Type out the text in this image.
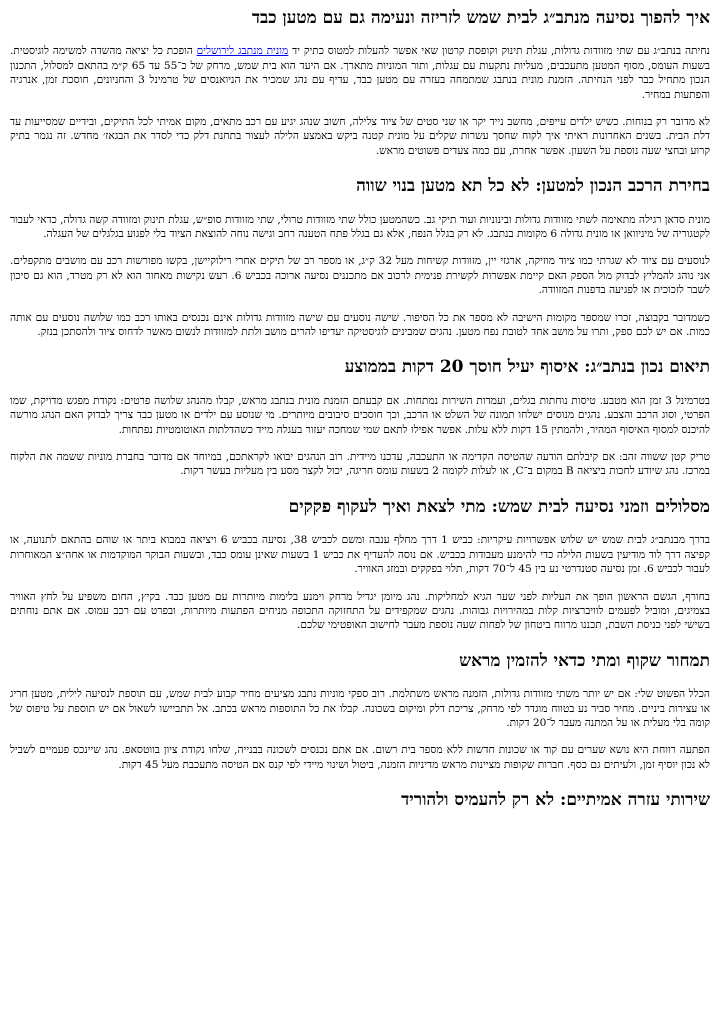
איך להפוך נסיעה מנתב״ג לבית שמש לזריזה ונעימה גם עם מטען כבד

נחיתה בנתב״ג עם שתי מזוודות גדולות, עגלת תינוק וקופסת קרטון שאי אפשר להעלות למטוס כתיק יד מונית מנתבג לירושלים הופכת כל יציאה מהשדה למשימה לוגיסטית. בשעות העומס, מסוף המטען מתעכבים, מעליות נתקעות עם עגלות, ותור המוניות מתארך. אם היעד הוא בית שמש, מרחק של כ־55 עד 65 ק״מ בהתאם למסלול, התכנון הנכון מתחיל כבר לפני הנחיתה. הזמנת מונית בנתבג שמתמחה בעזרה עם מטען כבד, עדיף עם נהג שמכיר את הניואנסים של טרמינל 3 והחניונים, חוסכת זמן, אנרגיה והפתעות במחיר.

לא מדובר רק בנוחות. כשיש ילדים עייפים, מחשב נייד יקר או שני סטים של ציוד צלילה, חשוב שנהג יגיע עם רכב מתאים, מקום אמיתי לכל התיקים, ובידיים שמסייעות עד דלת הבית. בשנים האחרונות ראיתי איך לקוח שחסך עשרות שקלים על מונית קטנה ביקש באמצע הלילה לעצור בתחנת דלק כדי לסדר את הבגאז׳ מחדש. זה נגמר בתיק קרוע ובחצי שעה נוספת על השעון. אפשר אחרת, עם כמה צעדים פשוטים מראש.

בחירת הרכב הנכון למטען: לא כל תא מטען בנוי שווה

מונית סדאן רגילה מתאימה לשתי מזוודות גדולות ובינוניות ועוד תיקי גב. כשהמטען כולל שתי מזוודות טרולי, שתי מזוודות סופ״ש, עגלת תינוק ומזוודה קשה גדולה, כדאי לעבור לקטגוריה של מיניוואן או מונית גדולה 6 מקומות בנתבג. לא רק בגלל הנפח, אלא גם בגלל פתח הטענה רחב וגישה נוחה להוצאת הציוד בלי לפגוע בגלגלים של העגלה.

לנוסעים עם ציוד לא שגרתי כמו ציוד מוזיקה, ארגזי יין, מזוודות קשיחות מעל 32 ק״ג, או מספר רב של תיקים אחרי רילוקיישן, בקשו מפורשות רכב עם מושבים מתקפלים. אני נוהג להמליץ לבדוק מול הספק האם קיימת אפשרות לקשירת פנימית לרכוב אם מתכננים נסיעה ארוכה בכביש 6. רעש נקישות מאחור הוא לא רק מטרד, הוא גם סיכון לשבר לזכוכית או לפגיעה בדפנות המזוודה.

כשמדובר בקבוצה, זכרו שמספר מקומות הישיבה לא מספר את כל הסיפור. שישה נוסעים עם שישה מזוודות גדולות אינם נכנסים באותו רכב כמו שלושה נוסעים עם אותה כמות. אם יש לכם ספק, ותרו על מושב אחד לטובת נפח מטען. נהגים שמבינים לוגיסטיקה יעדיפו להרים מושב ולתת למזוודות לנשום מאשר לדחוס ציוד ולהסתכן בנזק.

תיאום נכון בנתב״ג: איסוף יעיל חוסך 20 דקות בממוצע

בטרמינל 3 זמן הוא מטבע. טיסות נוחתות בגלים, ועמדות השירות נמתחות. אם קבעתם הזמנת מונית בנתבג מראש, קבלו מהנהג שלושה פרטים: נקודת מפגש מדויקת, שמו הפרטי, וסוג הרכב והצבע. נהגים מנוסים ישלחו תמונה של השלט או הרכב, וכך חוסכים סיבובים מיותרים. מי שנוסע עם ילדים או מטען כבד צריך לבדוק האם הנהג מורשה להיכנס למסוף האיסוף המהיר, ולהמתין 15 דקות ללא עלות. אפשר אפילו לתאם שמי שמחכה יעזור בעגלה מייד כשהדלתות האוטומטיות נפתחות.

טריק קטן ששווה זהב: אם קיבלתם הודעה שהטיסה הקדימה או התעכבה, עדכנו מיידית. רוב הנהגים יבואו לקראתכם, במיוחד אם מדובר בחברת מוניות ששמה את הלקוח במרכז. נהג שיודע לחכות ביציאה B במקום ב־C, או לעלות לקומה 2 בשעות עומס חריגה, יכול לקצר מסע בין מעליות בעשר דקות.

מסלולים וזמני נסיעה לבית שמש: מתי לצאת ואיך לעקוף פקקים

בדרך מבנתב״ג לבית שמש יש שלוש אפשרויות עיקריות: כביש 1 דרך מחלף ענבה ומשם לכביש 38, נסיעה בכביש 6 ויציאה במבוא ביתר או שוהם בהתאם לתנועה, או קפיצה דרך לוד מודיעין בשעות הלילה כדי להימנע מעבודות בכביש. אם נוסה להעדיף את כביש 1 בשעות שאינן עומס כבד, ובשעות הבוקר המוקדמות או אחה״צ המאוחרות לעבור לכביש 6. זמן נסיעה סטנדרטי נע בין 45 ל־70 דקות, תלוי בפקקים ובמזג האוויר.

בחורף, הגשם הראשון הופך את העליות לפני שער הגיא למחליקות. נהג מיומן יגדיל מרחק וימנע בלימות מיותרות עם מטען כבד. בקיץ, החום משפיע על לחץ האוויר בצמיגים, ומוביל לפעמים לוויברציות קלות במהירויות גבוהות. נהגים שמקפידים על התחזוקה התכופה מניחים הפתעות מיותרות, ובפרט עם רכב עמוס. אם אתם נוחתים בשישי לפני כניסת השבת, תכננו מרווח ביטחון של לפחות שעה נוספת מעבר לחישוב האופטימי שלכם.

תמחור שקוף ומתי כדאי להזמין מראש

הכלל הפשוט שלי: אם יש יותר משתי מזוודות גדולות, הזמנה מראש משתלמת. רוב ספקי מוניות נתבג מציעים מחיר קבוע לבית שמש, עם תוספת לנסיעה לילית, מטען חריג או עצירות ביניים. מחיר סביר נע בטווח מוגדר לפי מרחק, צריכת דלק ומיקום בשכונה. קבלו את כל התוספות מראש בכתב. אל תתביישו לשאול אם יש תוספת על טיפוס של קומה בלי מעלית או על המתנה מעבר ל־20 דקות.

הפתעה רווחת היא נושא שערים עם קוד או שכונות חדשות ללא מספר בית רשום. אם אתם נכנסים לשכונה בבנייה, שלחו נקודת ציון בווטסאפ. נהג שיינכס פעמיים לשביל לא נכון יוסיף זמן, ולעיתים גם כסף. חברות שקופות מציינות מראש מדיניות הזמנה, ביטול ושינוי מיידי לפי קנס אם הטיסה מתעכבת מעל 45 דקות.

שירותי עזרה אמיתיים: לא רק להעמיס ולהוריד
